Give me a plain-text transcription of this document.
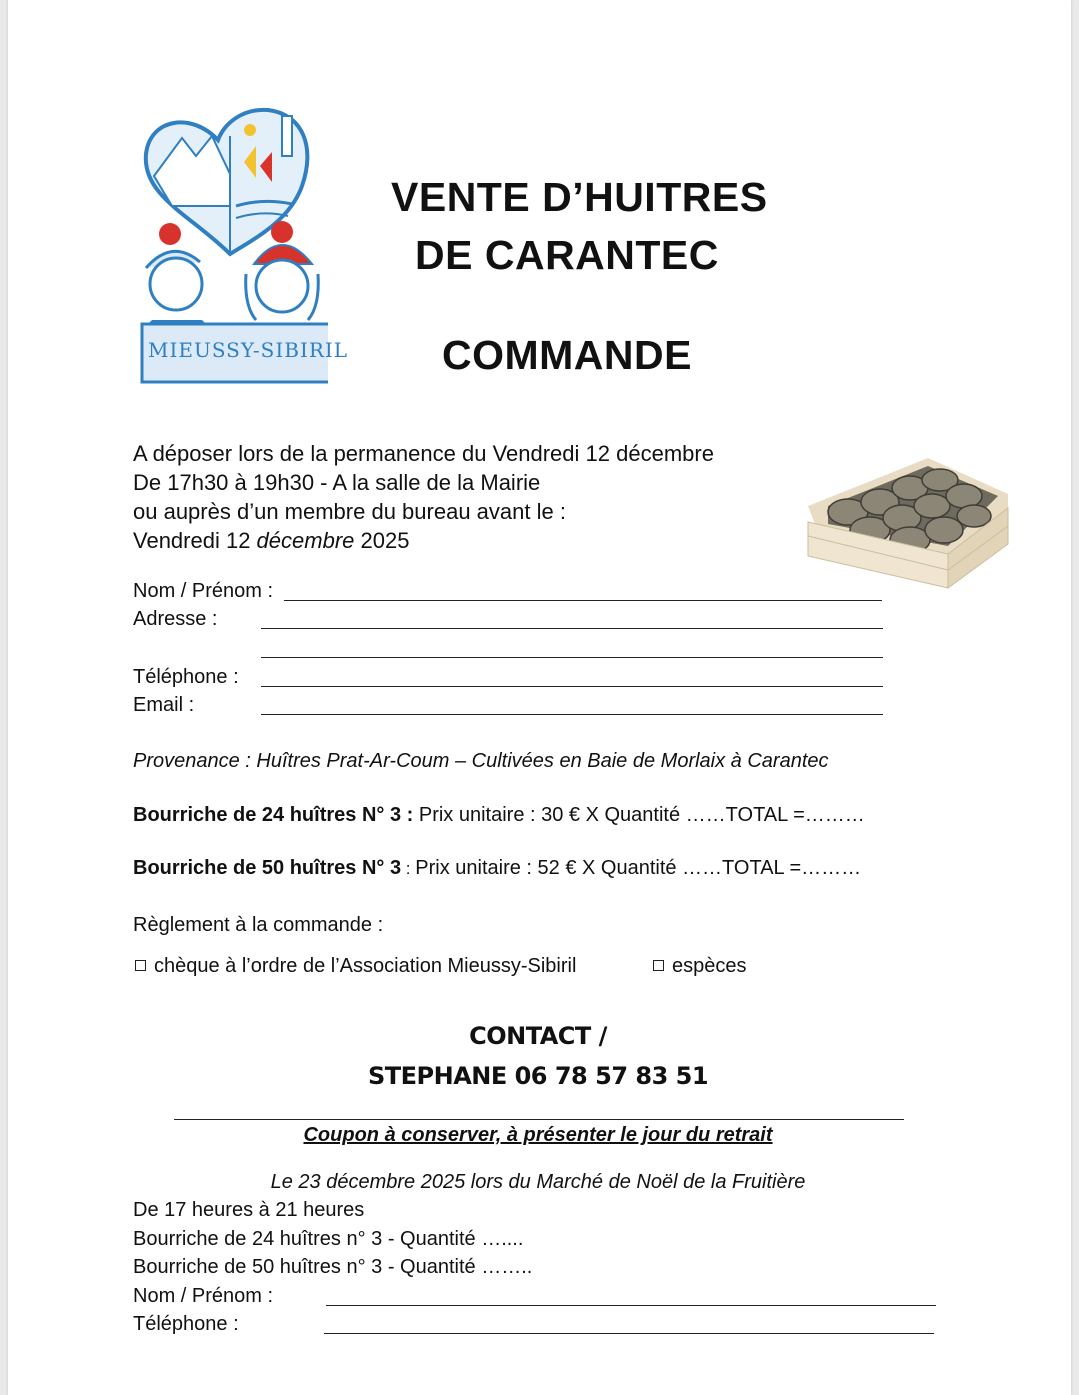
MIEUSSY-SIBIRIL
VENTE D’HUITRES
DE CARANTEC
COMMANDE
A déposer lors de la permanence du Vendredi 12 décembre
De 17h30 à 19h30 - A la salle de la Mairie
ou auprès d’un membre du bureau avant le :
Vendredi 12 décembre 2025
Nom / Prénom :
Adresse :
Téléphone :
Email :
Provenance : Huîtres Prat-Ar-Coum – Cultivées en Baie de Morlaix à Carantec
Bourriche de 24 huîtres N° 3 : Prix unitaire : 30 € X Quantité ……TOTAL =………
Bourriche de 50 huîtres N° 3 : Prix unitaire : 52 € X Quantité ……TOTAL =………
Règlement à la commande :
chèque à l’ordre de l’Association Mieussy-Sibiril	espèces
CONTACT /
STEPHANE 06 78 57 83 51
Coupon à conserver, à présenter le jour du retrait
Le 23 décembre 2025 lors du Marché de Noël de la Fruitière
De 17 heures à 21 heures
Bourriche de 24 huîtres n° 3 - Quantité …....
Bourriche de 50 huîtres n° 3 - Quantité ……..
Nom / Prénom :
Téléphone :
